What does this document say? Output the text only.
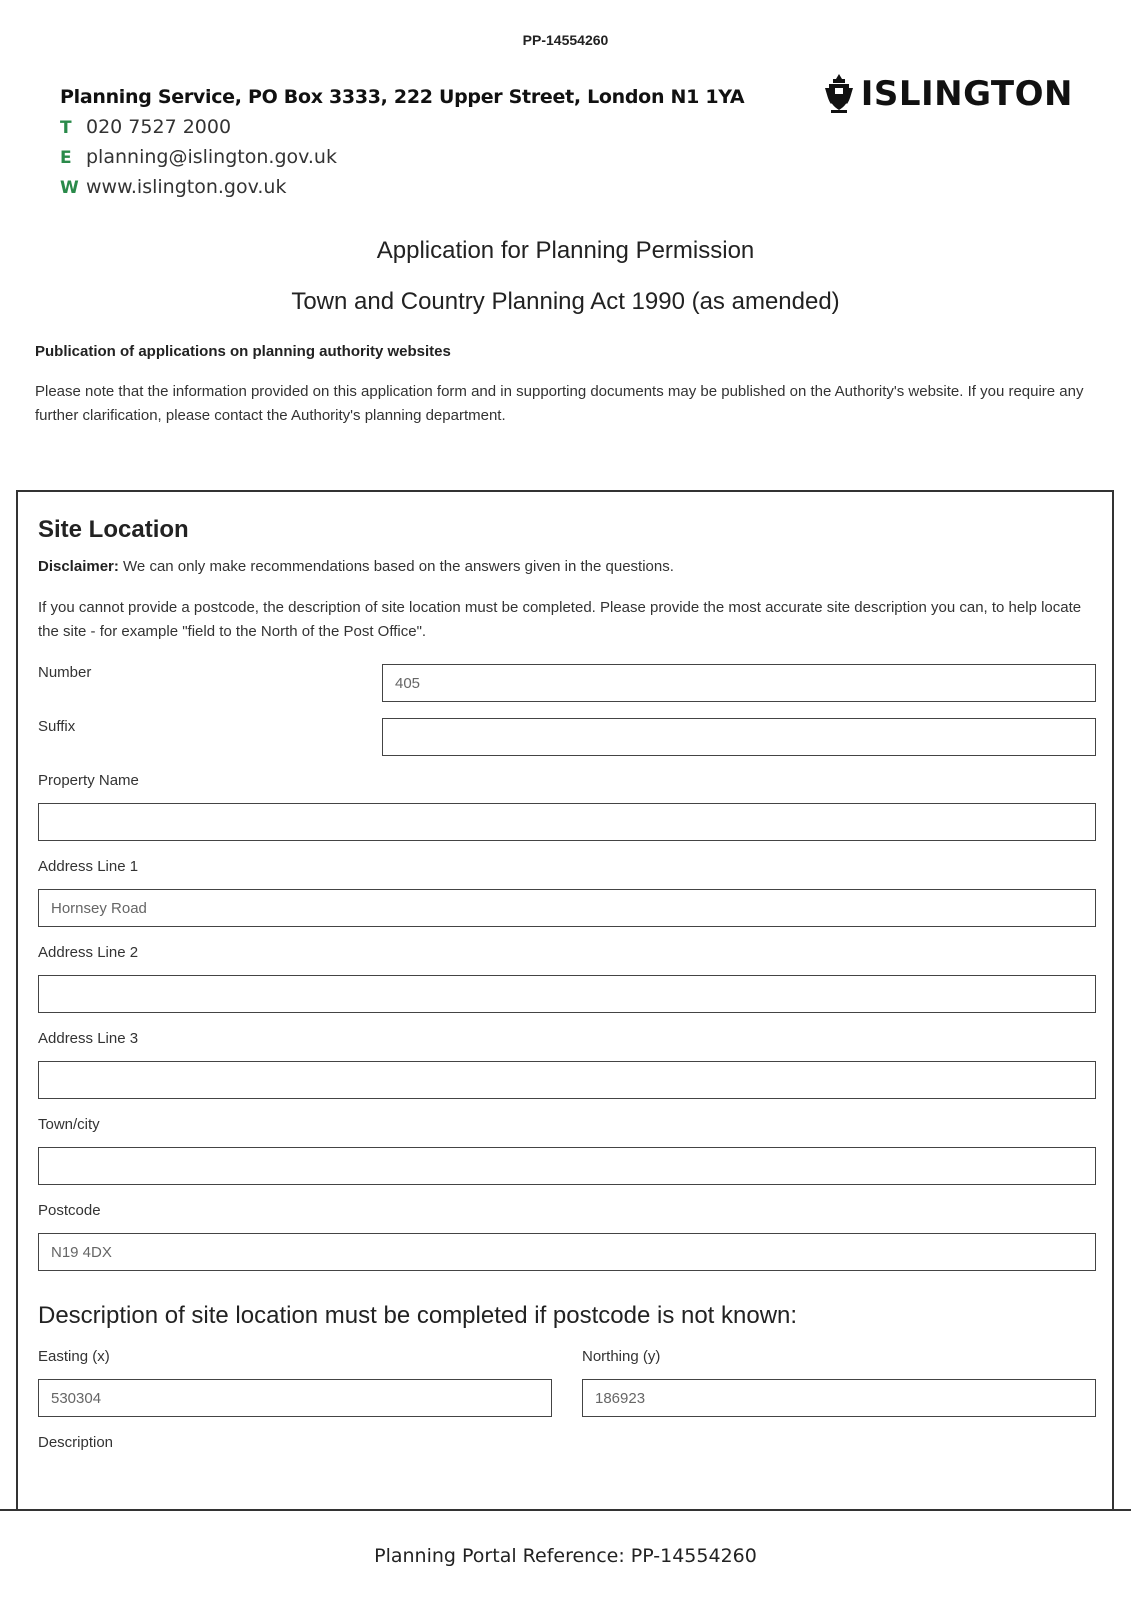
PP-14554260
Planning Service, PO Box 3333, 222 Upper Street, London N1 1YA
T 020 7527 2000
E planning@islington.gov.uk
W www.islington.gov.uk
ISLINGTON
Application for Planning Permission
Town and Country Planning Act 1990 (as amended)
Publication of applications on planning authority websites
Please note that the information provided on this application form and in supporting documents may be published on the Authority's website. If you require any further clarification, please contact the Authority's planning department.
Site Location
Disclaimer: We can only make recommendations based on the answers given in the questions.
If you cannot provide a postcode, the description of site location must be completed. Please provide the most accurate site description you can, to help locate the site - for example "field to the North of the Post Office".
Number
405
Suffix
Property Name
Address Line 1
Hornsey Road
Address Line 2
Address Line 3
Town/city
Postcode
N19 4DX
Description of site location must be completed if postcode is not known:
Easting (x)
530304	Northing (y)
186923
Description
Planning Portal Reference: PP-14554260
